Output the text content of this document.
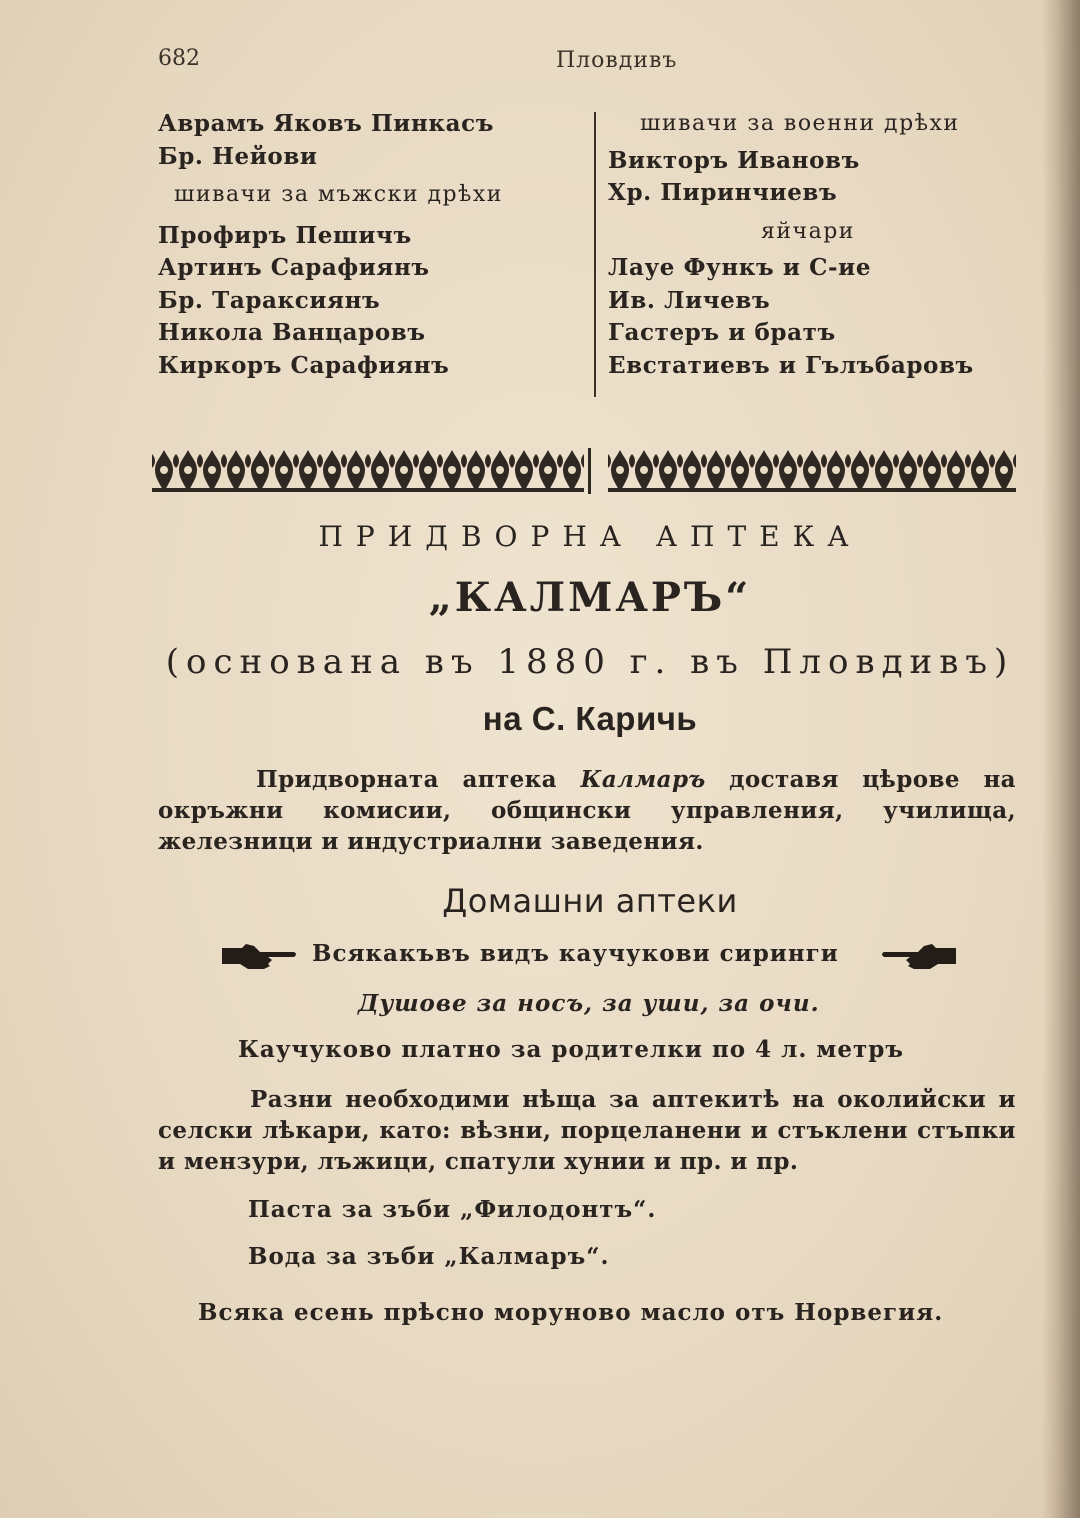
682	Пловдивъ
Аврамъ Яковъ Пинкасъ
Бр. Нейови
шивачи за мъжски дрѣхи
Профиръ Пешичъ
Артинъ Сарафиянъ
Бр. Тараксиянъ
Никола Ванцаровъ
Киркоръ Сарафиянъ
шивачи за военни дрѣхи
Викторъ Ивановъ
Хр. Пиринчиевъ
яйчари
Лауе Функъ и С-ие
Ив. Личевъ
Гастеръ и братъ
Евстатиевъ и Гълъбаровъ
ПРИДВОРНА АПТЕКА
„КАЛМАРЪ“
(основана въ 1880 г. въ Пловдивъ)
на С. Каричь
Придворната аптека Калмаръ доставя цѣрове на окръжни комисии, общински управления, училища, железници и индустриални заведения.
Домашни аптеки
Всякакъвъ видъ каучукови сиринги
Душове за носъ, за уши, за очи.
Каучуково платно за родителки по 4 л. метръ
Разни необходими нѣща за аптекитѣ на околийски и селски лѣкари, като: вѣзни, порцеланени и стъклени стъпки и мензури, лъжици, спатули хунии и пр. и пр.
Паста за зъби „Филодонтъ“.
Вода за зъби „Калмаръ“.
Всяка есень прѣсно моруново масло отъ Норвегия.
